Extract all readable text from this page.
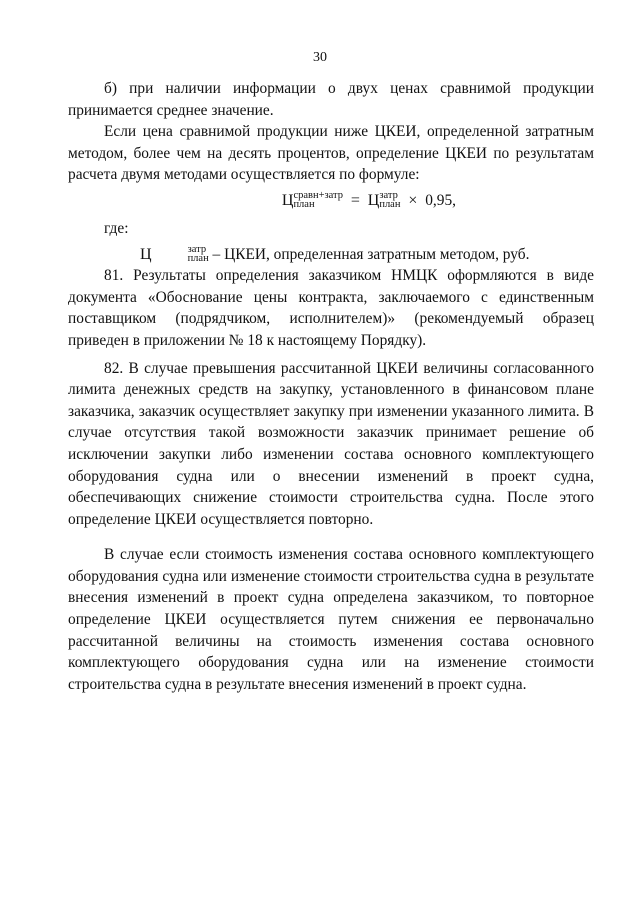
30

б) при наличии информации о двух ценах сравнимой продукции принимается среднее значение.

Если цена сравнимой продукции ниже ЦКЕИ, определенной затратным методом, более чем на десять процентов, определение ЦКЕИ по результатам расчета двумя методами осуществляется по формуле:

Ц сравн+затр
план	= Ц затр
план × 0,95,

где:

Ц	затр
план – ЦКЕИ, определенная затратным методом, руб.

81. Результаты определения заказчиком НМЦК оформляются в виде документа «Обоснование цены контракта, заключаемого с единственным поставщиком (подрядчиком, исполнителем)» (рекомендуемый образец приведен в приложении № 18 к настоящему Порядку).

82. В случае превышения рассчитанной ЦКЕИ величины согласованного лимита денежных средств на закупку, установленного в финансовом плане заказчика, заказчик осуществляет закупку при изменении указанного лимита. В случае отсутствия такой возможности заказчик принимает решение об исключении закупки либо изменении состава основного комплектующего оборудования судна или о внесении изменений в проект судна, обеспечивающих снижение стоимости строительства судна. После этого определение ЦКЕИ осуществляется повторно.

В случае если стоимость изменения состава основного комплектующего оборудования судна или изменение стоимости строительства судна в результате внесения изменений в проект судна определена заказчиком, то повторное определение ЦКЕИ осуществляется путем снижения ее первоначально рассчитанной величины на стоимость изменения состава основного комплектующего оборудования судна или на изменение стоимости строительства судна в результате внесения изменений в проект судна.
